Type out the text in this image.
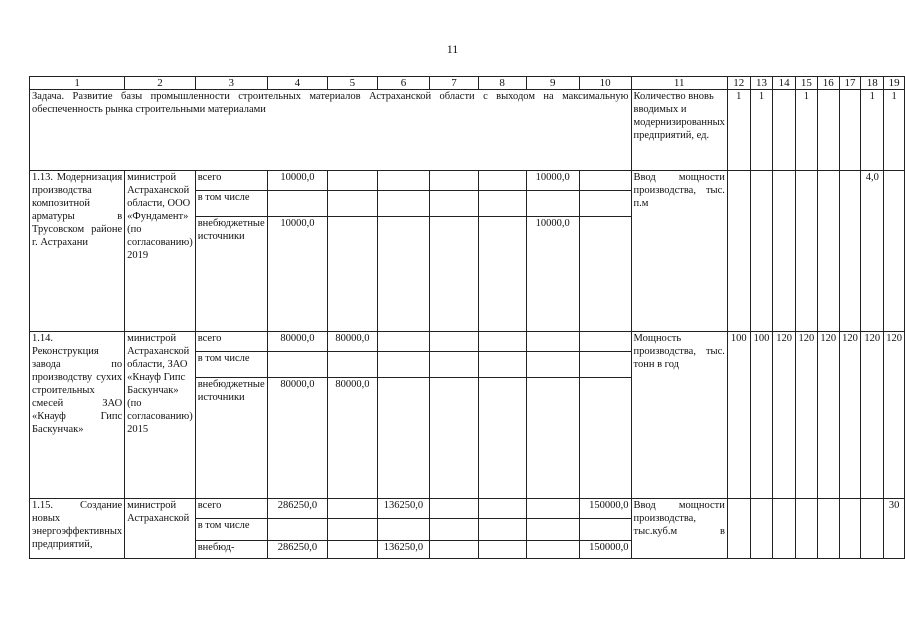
11
1	2	3	4	5	6	7	8	9	10	11	12	13	14	15	16	17	18	19
Задача. Развитие базы промышленности строительных материалов Астраханской области с выходом на максимальную обеспеченность рынка строительными материалами										Количество вновь вводимых и модернизированных предприятий, ед.	1	1		1			1	1
1.13. Модернизация производства композитной арматуры в Трусовском районе г. Астрахани	министрой Астраханской области, ООО «Фундамент» (по согласованию) 2019	всего	10000,0					10000,0		Ввод мощности производства, тыс. п.м							4,0	
		в том числе																
		внебюджетные источники	10000,0					10000,0										
1.14. Реконструкция завода по производству сухих строительных смесей ЗАО «Кнауф Гипс Баскунчак»	министрой Астраханской области, ЗАО «Кнауф Гипс Баскунчак» (по согласованию) 2015	всего	80000,0	80000,0						Мощность производства, тыс. тонн в год	100	100	120	120	120	120	120	120
		в том числе																
		внебюджетные источники	80000,0	80000,0														
1.15. Создание новых энергоэффективных предприятий,	министрой Астраханской	всего	286250,0		136250,0				150000,0	Ввод мощности производства, тыс.куб.м в								30
		в том числе																
		внебюд-	286250,0		136250,0				150000,0									
